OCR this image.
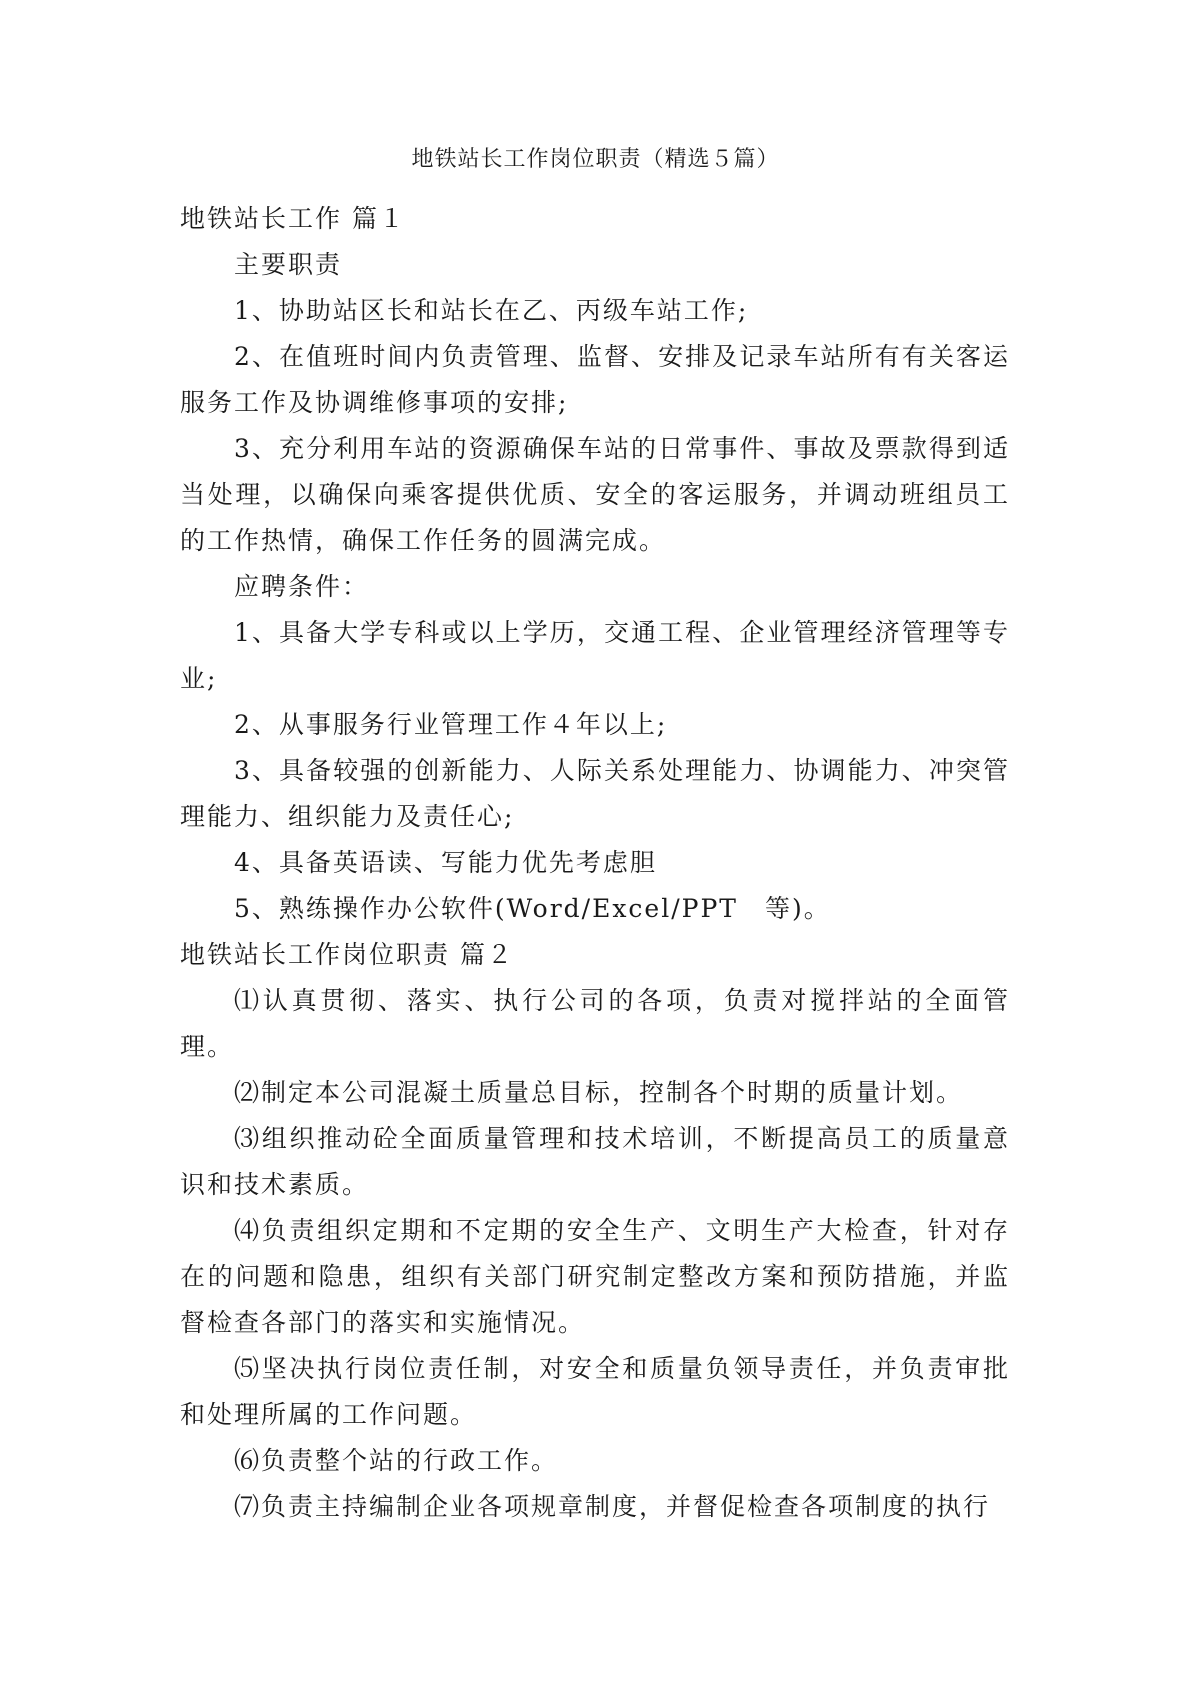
地铁站长工作岗位职责（精选５篇）

地铁站长工作 篇１

主要职责

1、协助站区长和站长在乙、丙级车站工作;

2、在值班时间内负责管理、监督、安排及记录车站所有有关客运服务工作及协调维修事项的安排;

3、充分利用车站的资源确保车站的日常事件、事故及票款得到适当处理，以确保向乘客提供优质、安全的客运服务，并调动班组员工的工作热情，确保工作任务的圆满完成。

应聘条件：

1、具备大学专科或以上学历，交通工程、企业管理经济管理等专业;

2、从事服务行业管理工作４年以上;

3、具备较强的创新能力、人际关系处理能力、协调能力、冲突管理能力、组织能力及责任心;

4、具备英语读、写能力优先考虑胆

5、熟练操作办公软件(Word/Excel/PPT　等)。

地铁站长工作岗位职责 篇２

⑴认真贯彻、落实、执行公司的各项，负责对搅拌站的全面管理。

⑵制定本公司混凝土质量总目标，控制各个时期的质量计划。

⑶组织推动砼全面质量管理和技术培训，不断提高员工的质量意识和技术素质。

⑷负责组织定期和不定期的安全生产、文明生产大检查，针对存在的问题和隐患，组织有关部门研究制定整改方案和预防措施，并监督检查各部门的落实和实施情况。

⑸坚决执行岗位责任制，对安全和质量负领导责任，并负责审批和处理所属的工作问题。

⑹负责整个站的行政工作。

⑺负责主持编制企业各项规章制度，并督促检查各项制度的执行
